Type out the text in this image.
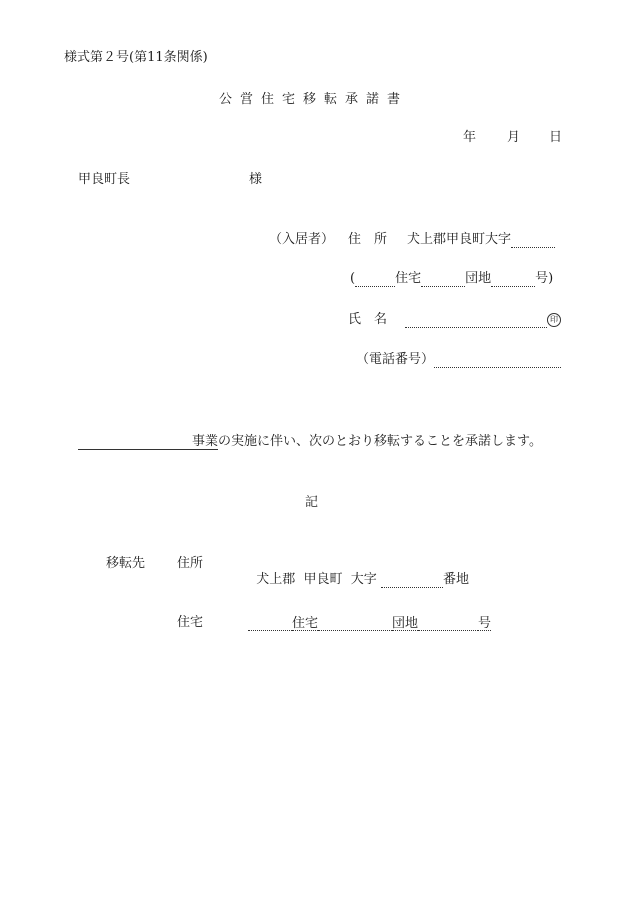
様式第２号(第11条関係)
公営住宅移転承諾書
年 月 日
甲良町長	様
（入居者） 住　所 犬上郡甲良町大字
(	住宅	団地	号)
氏　名	印
（電話番号）
事業の実施に伴い、次のとおり移転することを承諾します。
記
移転先 住所

犬上郡  甲良町  大字	番地

住宅	住宅	団地	号
